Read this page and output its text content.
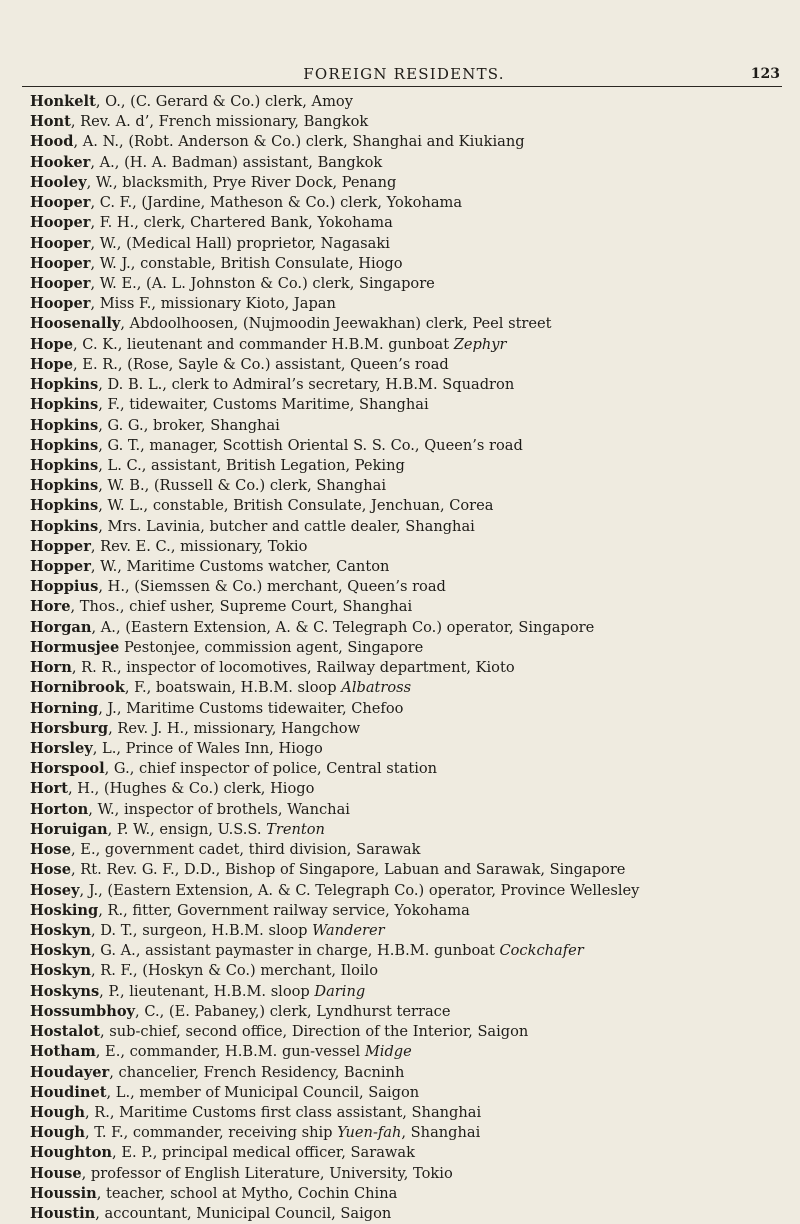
FOREIGN RESIDENTS.	123
Honkelt, O., (C. Gerard & Co.) clerk, Amoy
Hont, Rev. A. d’, French missionary, Bangkok
Hood, A. N., (Robt. Anderson & Co.) clerk, Shanghai and Kiukiang
Hooker, A., (H. A. Badman) assistant, Bangkok
Hooley, W., blacksmith, Prye River Dock, Penang
Hooper, C. F., (Jardine, Matheson & Co.) clerk, Yokohama
Hooper, F. H., clerk, Chartered Bank, Yokohama
Hooper, W., (Medical Hall) proprietor, Nagasaki
Hooper, W. J., constable, British Consulate, Hiogo
Hooper, W. E., (A. L. Johnston & Co.) clerk, Singapore
Hooper, Miss F., missionary Kioto, Japan
Hoosenally, Abdoolhoosen, (Nujmoodin Jeewakhan) clerk, Peel street
Hope, C. K., lieutenant and commander H.B.M. gunboat Zephyr
Hope, E. R., (Rose, Sayle & Co.) assistant, Queen’s road
Hopkins, D. B. L., clerk to Admiral’s secretary, H.B.M. Squadron
Hopkins, F., tidewaiter, Customs Maritime, Shanghai
Hopkins, G. G., broker, Shanghai
Hopkins, G. T., manager, Scottish Oriental S. S. Co., Queen’s road
Hopkins, L. C., assistant, British Legation, Peking
Hopkins, W. B., (Russell & Co.) clerk, Shanghai
Hopkins, W. L., constable, British Consulate, Jenchuan, Corea
Hopkins, Mrs. Lavinia, butcher and cattle dealer, Shanghai
Hopper, Rev. E. C., missionary, Tokio
Hopper, W., Maritime Customs watcher, Canton
Hoppius, H., (Siemssen & Co.) merchant, Queen’s road
Hore, Thos., chief usher, Supreme Court, Shanghai
Horgan, A., (Eastern Extension, A. & C. Telegraph Co.) operator, Singapore
Hormusjee Pestonjee, commission agent, Singapore
Horn, R. R., inspector of locomotives, Railway department, Kioto
Hornibrook, F., boatswain, H.B.M. sloop Albatross
Horning, J., Maritime Customs tidewaiter, Chefoo
Horsburg, Rev. J. H., missionary, Hangchow
Horsley, L., Prince of Wales Inn, Hiogo
Horspool, G., chief inspector of police, Central station
Hort, H., (Hughes & Co.) clerk, Hiogo
Horton, W., inspector of brothels, Wanchai
Horuigan, P. W., ensign, U.S.S. Trenton
Hose, E., government cadet, third division, Sarawak
Hose, Rt. Rev. G. F., D.D., Bishop of Singapore, Labuan and Sarawak, Singapore
Hosey, J., (Eastern Extension, A. & C. Telegraph Co.) operator, Province Wellesley
Hosking, R., fitter, Government railway service, Yokohama
Hoskyn, D. T., surgeon, H.B.M. sloop Wanderer
Hoskyn, G. A., assistant paymaster in charge, H.B.M. gunboat Cockchafer
Hoskyn, R. F., (Hoskyn & Co.) merchant, Iloilo
Hoskyns, P., lieutenant, H.B.M. sloop Daring
Hossumbhoy, C., (E. Pabaney,) clerk, Lyndhurst terrace
Hostalot, sub-chief, second office, Direction of the Interior, Saigon
Hotham, E., commander, H.B.M. gun-vessel Midge
Houdayer, chancelier, French Residency, Bacninh
Houdinet, L., member of Municipal Council, Saigon
Hough, R., Maritime Customs first class assistant, Shanghai
Hough, T. F., commander, receiving ship Yuen-fah, Shanghai
Houghton, E. P., principal medical officer, Sarawak
House, professor of English Literature, University, Tokio
Houssin, teacher, school at Mytho, Cochin China
Houstin, accountant, Municipal Council, Saigon
